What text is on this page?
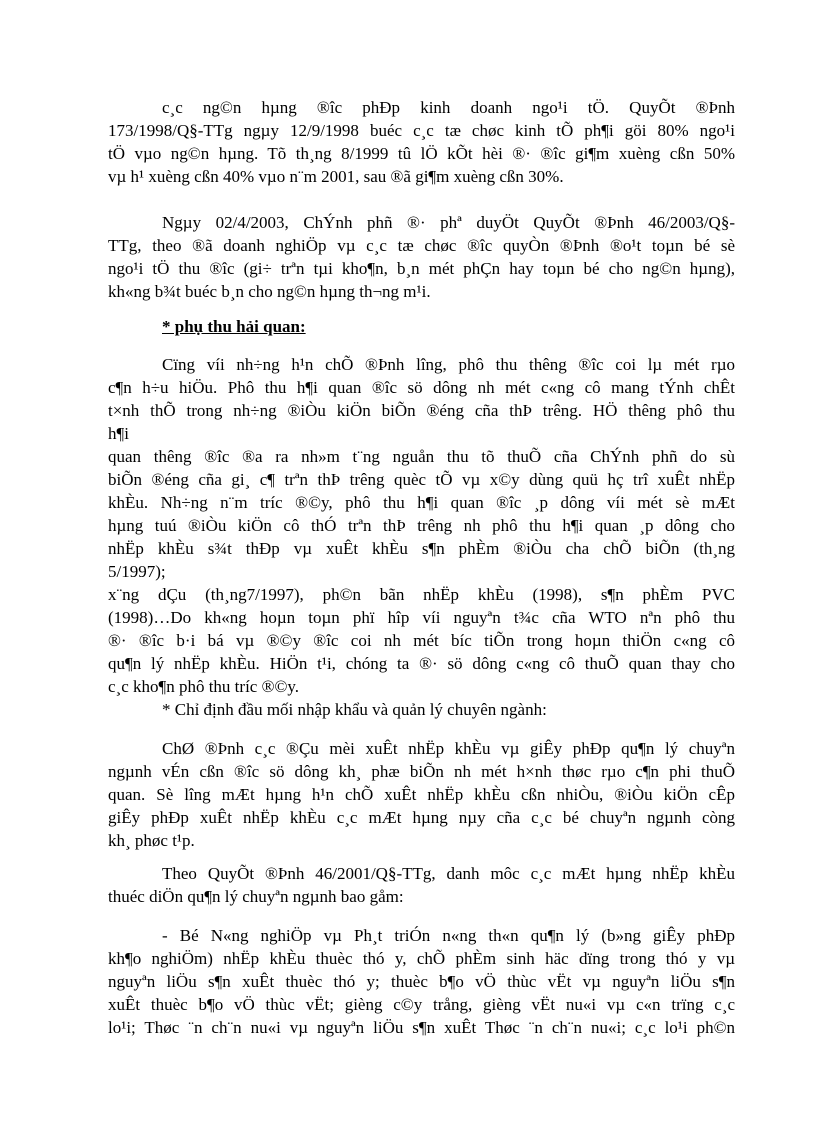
c¸c ng©n hµng ®îc phÐp kinh doanh ngo¹i tÖ. QuyÕt ®Þnh
173/1998/Q§-TTg ngµy 12/9/1998 buéc c¸c tæ chøc kinh tÕ ph¶i göi 80% ngo¹i
tÖ vµo ng©n hµng. Tõ th¸ng 8/1999 tû lÖ kÕt hèi ®· ®îc gi¶m xuèng cßn 50%
vµ h¹ xuèng cßn 40% vµo n¨m 2001, sau ®ã gi¶m xuèng cßn 30%.
Ngµy 02/4/2003, ChÝnh phñ ®· phª duyÖt QuyÕt ®Þnh 46/2003/Q§-
TTg, theo ®ã doanh nghiÖp vµ c¸c tæ chøc ®îc quyÒn ®Þnh ®o¹t toµn bé sè
ngo¹i tÖ thu ®îc (gi÷ trªn tµi kho¶n, b¸n mét phÇn hay toµn bé cho ng©n hµng),
kh«ng b¾t buéc b¸n cho ng©n hµng th¬ng m¹i.
* phụ thu hải quan:
Cïng víi nh÷ng h¹n chÕ ®Þnh lîng, phô thu thêng ®îc coi lµ mét rµo
c¶n h÷u hiÖu. Phô thu h¶i quan ®îc sö dông nh mét c«ng cô mang tÝnh chÊt
t×nh thÕ trong nh÷ng ®iÒu kiÖn biÕn ®éng cña thÞ trêng. HÖ thêng phô thu
h¶i
quan thêng ®îc ®a ra nh»m t¨ng nguån thu tõ thuÕ cña ChÝnh phñ do sù
biÕn ®éng cña gi¸ c¶ trªn thÞ trêng quèc tÕ vµ x©y dùng quü hç trî xuÊt nhËp
khÈu. Nh÷ng n¨m tríc ®©y, phô thu h¶i quan ®îc ¸p dông víi mét sè mÆt
hµng tuú ®iÒu kiÖn cô thÓ trªn thÞ trêng nh phô thu h¶i quan ¸p dông cho
nhËp khÈu s¾t thÐp vµ xuÊt khÈu s¶n phÈm ®iÒu cha chÕ biÕn (th¸ng
5/1997);
x¨ng dÇu (th¸ng7/1997), ph©n bãn nhËp khÈu (1998), s¶n phÈm PVC
(1998)…Do kh«ng hoµn toµn phï hîp víi nguyªn t¾c cña WTO nªn phô thu
®· ®îc b·i bá vµ ®©y ®îc coi nh mét bíc tiÕn trong hoµn thiÖn c«ng cô
qu¶n lý nhËp khÈu. HiÖn t¹i, chóng ta ®· sö dông c«ng cô thuÕ quan thay cho
c¸c kho¶n phô thu tríc ®©y.
* Chỉ định đầu mối nhập khẩu và quản lý chuyên ngành:
ChØ ®Þnh c¸c ®Çu mèi xuÊt nhËp khÈu vµ giÊy phÐp qu¶n lý chuyªn
ngµnh vÉn cßn ®îc sö dông kh¸ phæ biÕn nh mét h×nh thøc rµo c¶n phi thuÕ
quan. Sè lîng mÆt hµng h¹n chÕ xuÊt nhËp khÈu cßn nhiÒu, ®iÒu kiÖn cÊp
giÊy phÐp xuÊt nhËp khÈu c¸c mÆt hµng nµy cña c¸c bé chuyªn ngµnh còng
kh¸ phøc t¹p.
Theo QuyÕt ®Þnh 46/2001/Q§-TTg, danh môc c¸c mÆt hµng nhËp khÈu
thuéc diÖn qu¶n lý chuyªn ngµnh bao gåm:
- Bé N«ng nghiÖp vµ Ph¸t triÓn n«ng th«n qu¶n lý (b»ng giÊy phÐp
kh¶o nghiÖm) nhËp khÈu thuèc thó y, chÕ phÈm sinh häc dïng trong thó y vµ
nguyªn liÖu s¶n xuÊt thuèc thó y; thuèc b¶o vÖ thùc vËt vµ nguyªn liÖu s¶n
xuÊt thuèc b¶o vÖ thùc vËt; gièng c©y trång, gièng vËt nu«i vµ c«n trïng c¸c
lo¹i; Thøc ¨n ch¨n nu«i vµ nguyªn liÖu s¶n xuÊt Thøc ¨n ch¨n nu«i; c¸c lo¹i ph©n
